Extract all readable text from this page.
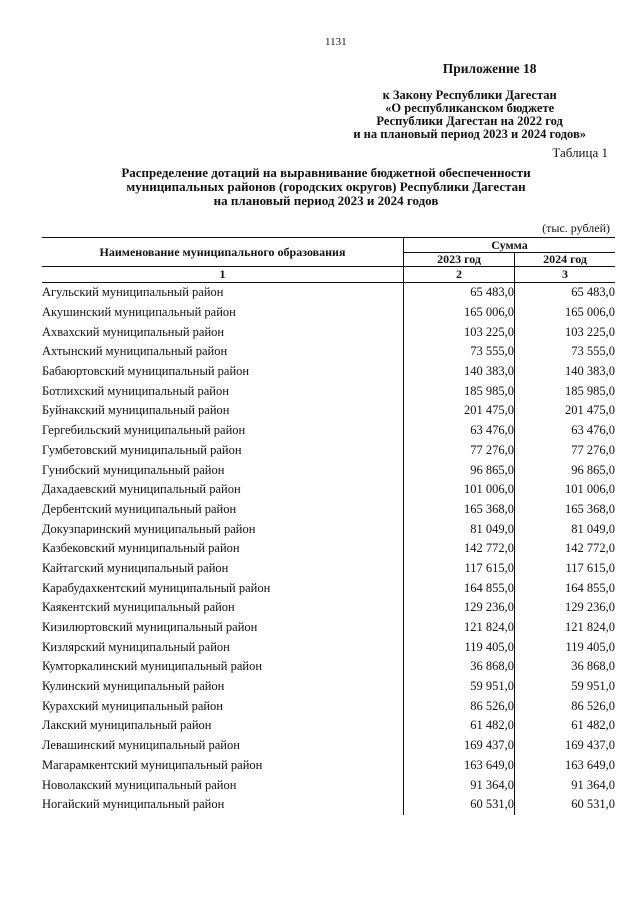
1131
Приложение 18
к Закону Республики Дагестан
«О республиканском бюджете
Республики Дагестан на 2022 год
и на плановый период 2023 и 2024 годов»
Таблица 1
Распределение дотаций на выравнивание бюджетной обеспеченности
муниципальных районов (городских округов) Республики Дагестан
на плановый период 2023 и 2024 годов
(тыс. рублей)
Наименование муниципального образования	Сумма	
	2023 год	2024 год
1	2	3
Агульский муниципальный район	65 483,0	65 483,0
Акушинский муниципальный район	165 006,0	165 006,0
Ахвахский муниципальный район	103 225,0	103 225,0
Ахтынский муниципальный район	73 555,0	73 555,0
Бабаюртовский муниципальный район	140 383,0	140 383,0
Ботлихский муниципальный район	185 985,0	185 985,0
Буйнакский муниципальный район	201 475,0	201 475,0
Гергебильский муниципальный район	63 476,0	63 476,0
Гумбетовский муниципальный район	77 276,0	77 276,0
Гунибский муниципальный район	96 865,0	96 865,0
Дахадаевский муниципальный район	101 006,0	101 006,0
Дербентский муниципальный район	165 368,0	165 368,0
Докузпаринский муниципальный район	81 049,0	81 049,0
Казбековский муниципальный район	142 772,0	142 772,0
Кайтагский муниципальный район	117 615,0	117 615,0
Карабудахкентский муниципальный район	164 855,0	164 855,0
Каякентский муниципальный район	129 236,0	129 236,0
Кизилюртовский муниципальный район	121 824,0	121 824,0
Кизлярский муниципальный район	119 405,0	119 405,0
Кумторкалинский муниципальный район	36 868,0	36 868,0
Кулинский муниципальный район	59 951,0	59 951,0
Курахский муниципальный район	86 526,0	86 526,0
Лакский муниципальный район	61 482,0	61 482,0
Левашинский муниципальный район	169 437,0	169 437,0
Магарамкентский муниципальный район	163 649,0	163 649,0
Новолакский муниципальный район	91 364,0	91 364,0
Ногайский муниципальный район	60 531,0	60 531,0
